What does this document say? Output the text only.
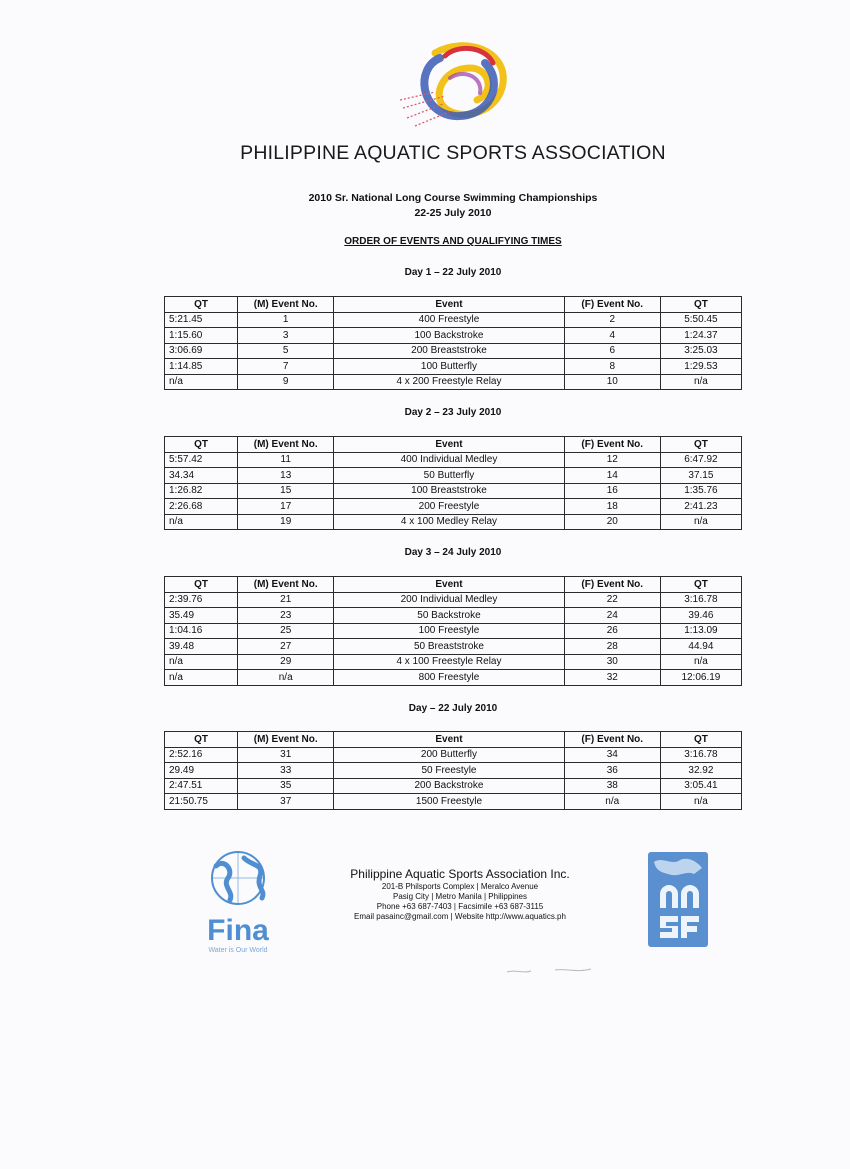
PHILIPPINE AQUATIC SPORTS ASSOCIATION
2010 Sr. National Long Course Swimming Championships
22-25 July 2010
ORDER OF EVENTS AND QUALIFYING TIMES
Day 1 – 22 July 2010
QT	(M) Event No.	Event	(F) Event No.	QT
5:21.45	1	400 Freestyle	2	5:50.45
1:15.60	3	100 Backstroke	4	1:24.37
3:06.69	5	200 Breaststroke	6	3:25.03
1:14.85	7	100 Butterfly	8	1:29.53
n/a	9	4 x 200 Freestyle Relay	10	n/a
Day 2 – 23 July 2010
QT	(M) Event No.	Event	(F) Event No.	QT
5:57.42	11	400 Individual Medley	12	6:47.92
34.34	13	50 Butterfly	14	37.15
1:26.82	15	100 Breaststroke	16	1:35.76
2:26.68	17	200 Freestyle	18	2:41.23
n/a	19	4 x 100 Medley Relay	20	n/a
Day 3 – 24 July 2010
QT	(M) Event No.	Event	(F) Event No.	QT
2:39.76	21	200 Individual Medley	22	3:16.78
35.49	23	50 Backstroke	24	39.46
1:04.16	25	100 Freestyle	26	1:13.09
39.48	27	50 Breaststroke	28	44.94
n/a	29	4 x 100 Freestyle Relay	30	n/a
n/a	n/a	800 Freestyle	32	12:06.19
Day – 22 July 2010
QT	(M) Event No.	Event	(F) Event No.	QT
2:52.16	31	200 Butterfly	34	3:16.78
29.49	33	50 Freestyle	36	32.92
2:47.51	35	200 Backstroke	38	3:05.41
21:50.75	37	1500 Freestyle	n/a	n/a
Fina
Water is Our World
Philippine Aquatic Sports Association Inc.
201-B Philsports Complex | Meralco Avenue
Pasig City | Metro Manila | Philippines
Phone +63 687-7403 | Facsimile +63 687-3115
Email pasainc@gmail.com | Website http://www.aquatics.ph
